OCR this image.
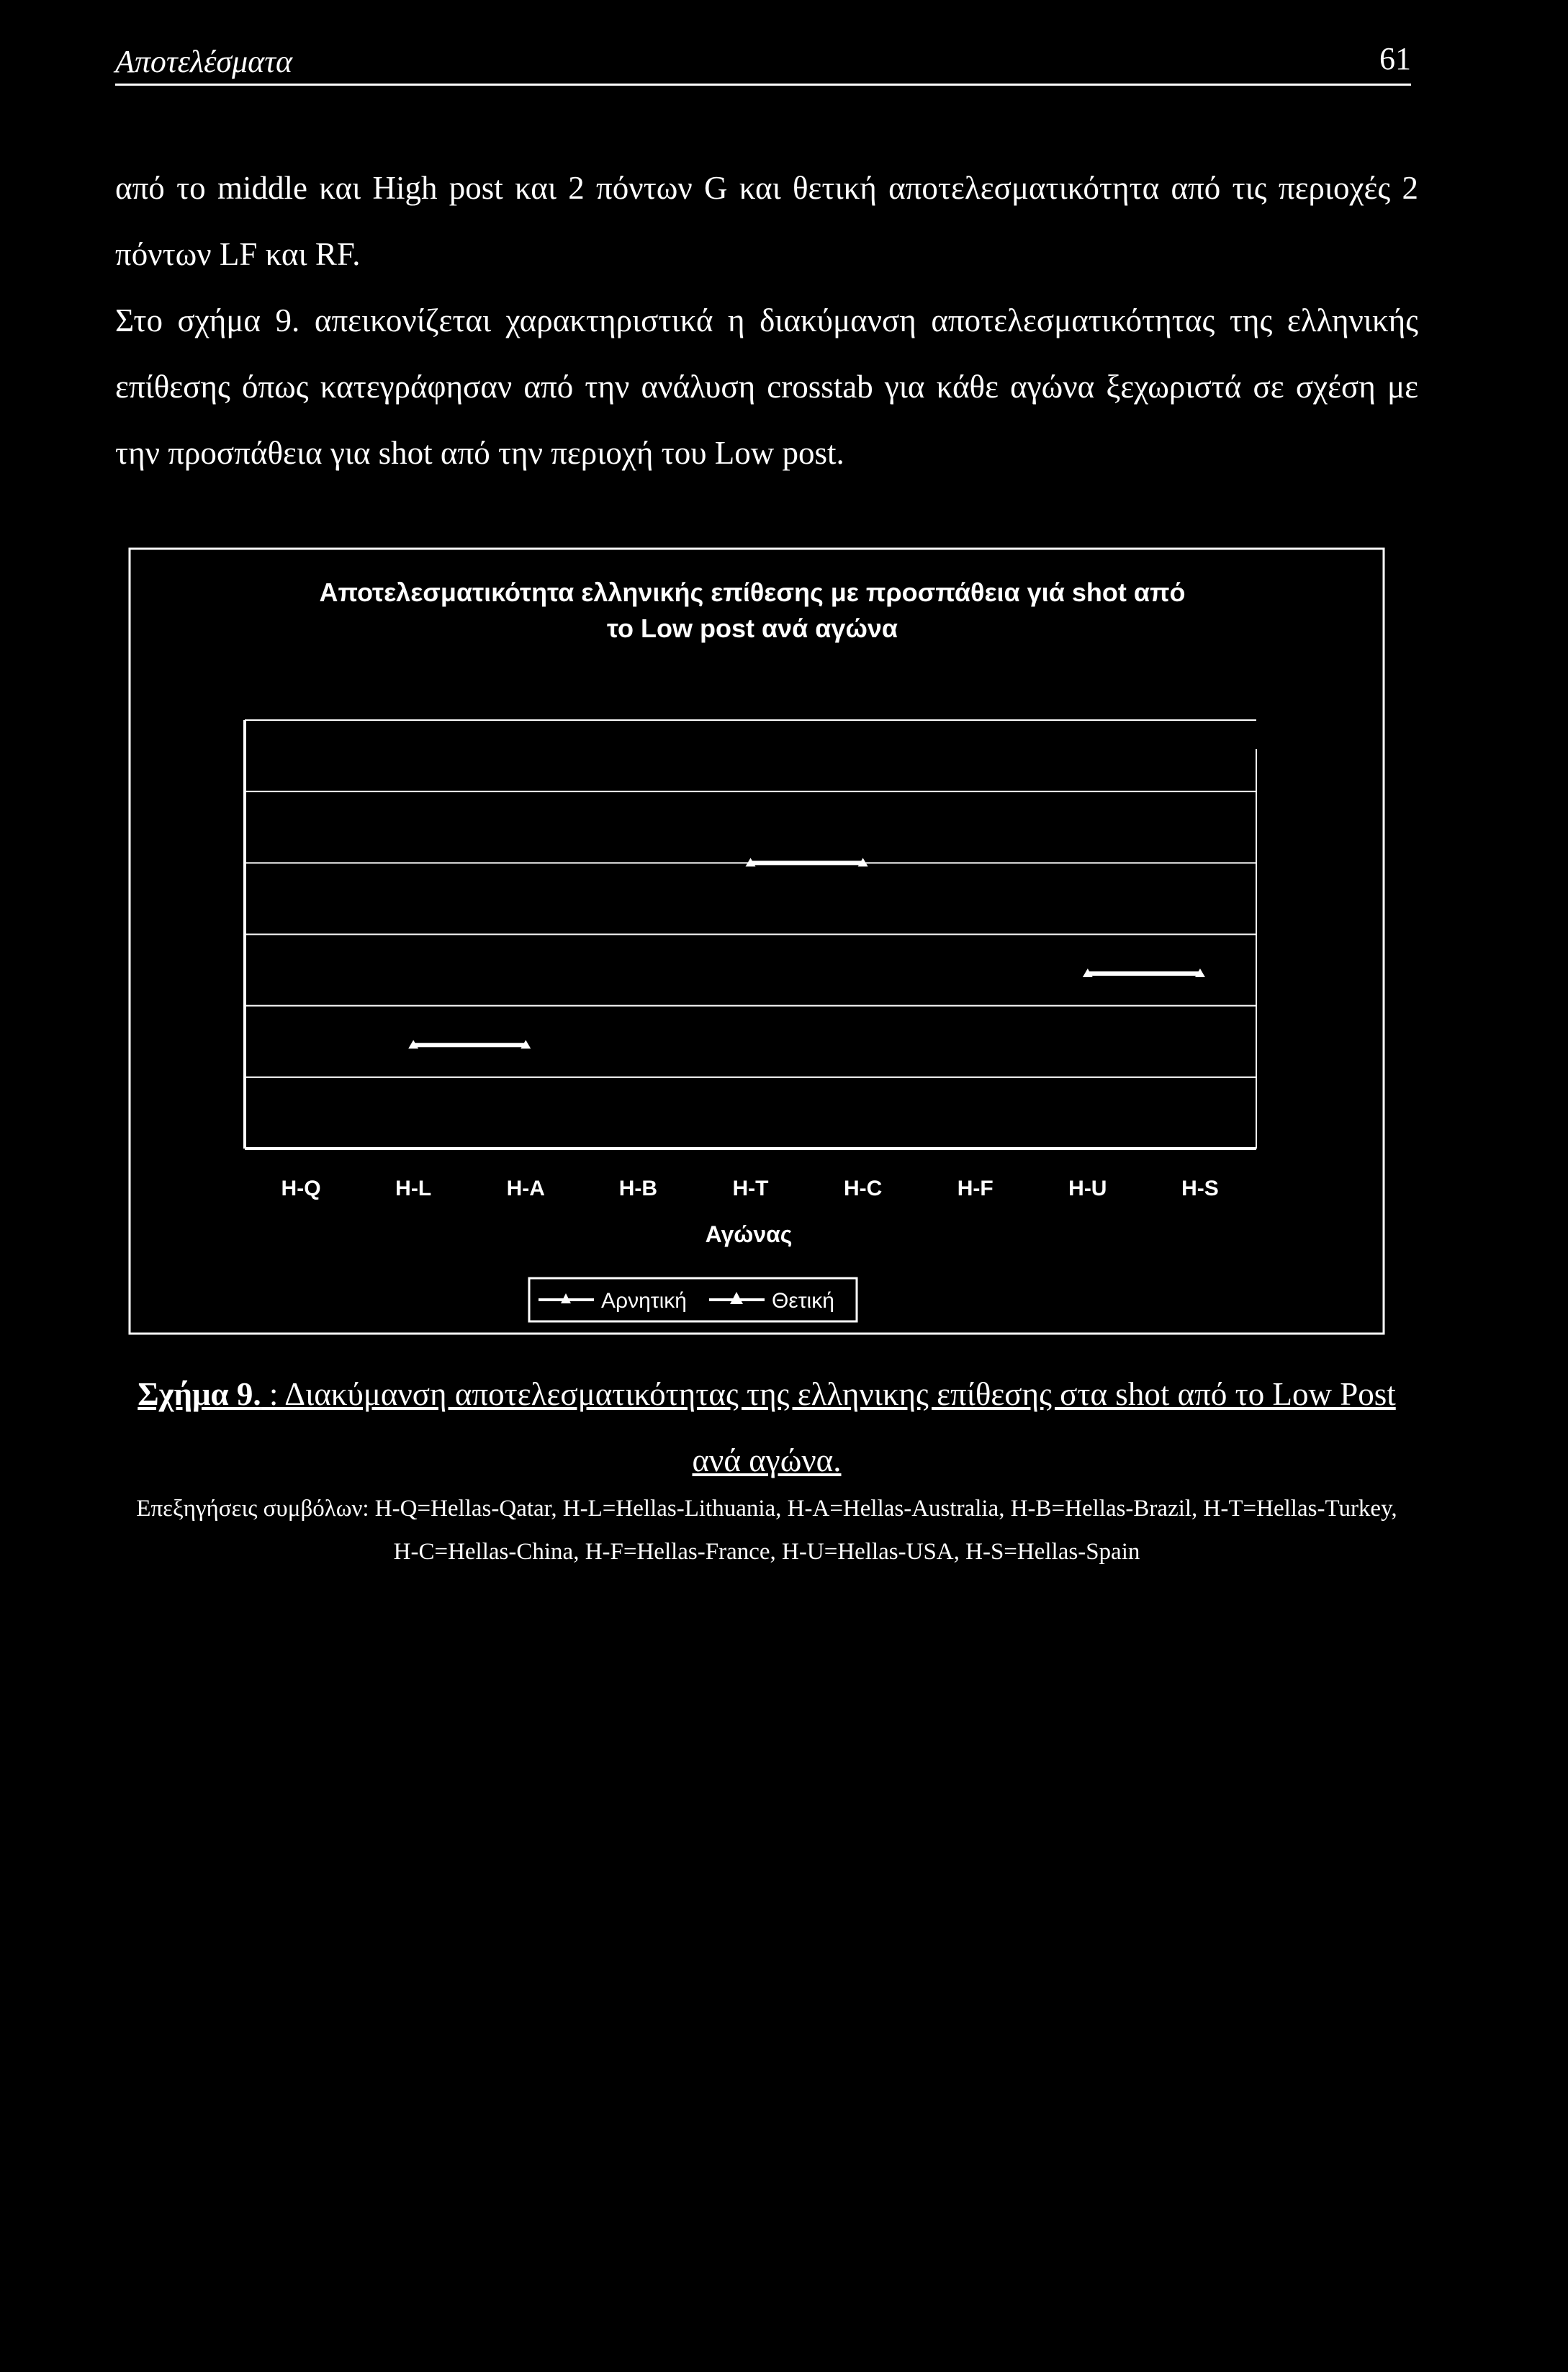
Αποτελέσματα	61

από το middle και High post και 2 πόντων G και θετική αποτελεσματικότητα από τις περιοχές 2 πόντων LF και RF.

Στο σχήμα 9. απεικονίζεται χαρακτηριστικά η διακύμανση αποτελεσματικότητας της ελληνικής επίθεσης όπως κατεγράφησαν από την ανάλυση crosstab για κάθε αγώνα ξεχωριστά σε σχέση με την προσπάθεια για shot από την περιοχή του Low post.

Αποτελεσματικότητα ελληνικής επίθεσης με προσπάθεια γιά shot από
το Low post ανά αγώνα
H-Q	H-L	H-A	H-B	H-T	H-C	H-F	H-U	H-S
Αγώνας
Αρνητική	Θετική
Σχήμα 9. : Διακύμανση αποτελεσματικότητας της ελληνικης επίθεσης στα shot από το Low Post ανά αγώνα.
Επεξηγήσεις συμβόλων: H-Q=Hellas-Qatar, H-L=Hellas-Lithuania, H-A=Hellas-Australia, H-B=Hellas-Brazil, H-T=Hellas-Turkey,
H-C=Hellas-China, H-F=Hellas-France, H-U=Hellas-USA, H-S=Hellas-Spain
